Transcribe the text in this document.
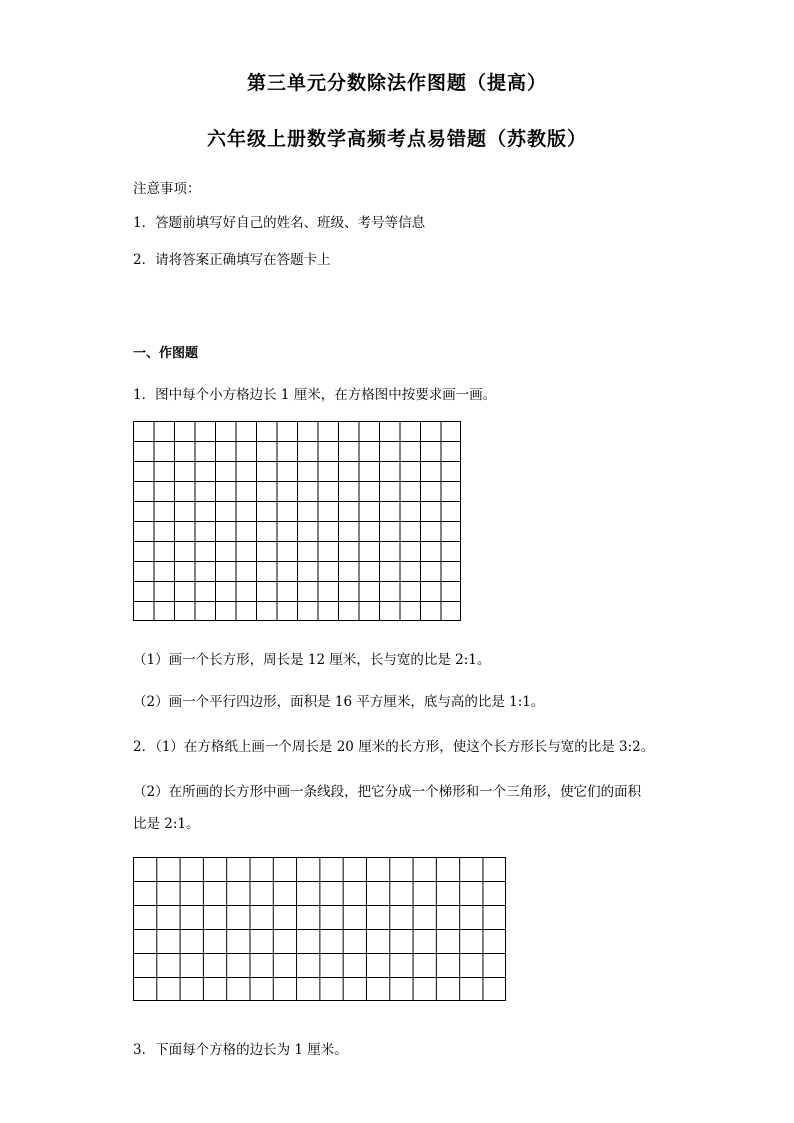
第三单元分数除法作图题（提高）
六年级上册数学高频考点易错题（苏教版）
注意事项：
1．答题前填写好自己的姓名、班级、考号等信息
2．请将答案正确填写在答题卡上
一、作图题
1．图中每个小方格边长 1 厘米，在方格图中按要求画一画。
（1）画一个长方形，周长是 12 厘米，长与宽的比是 2:1。
（2）画一个平行四边形，面积是 16 平方厘米，底与高的比是 1:1。
2．（1）在方格纸上画一个周长是 20 厘米的长方形，使这个长方形长与宽的比是 3:2。
（2）在所画的长方形中画一条线段，把它分成一个梯形和一个三角形，使它们的面积
比是 2:1。
3．下面每个方格的边长为 1 厘米。
